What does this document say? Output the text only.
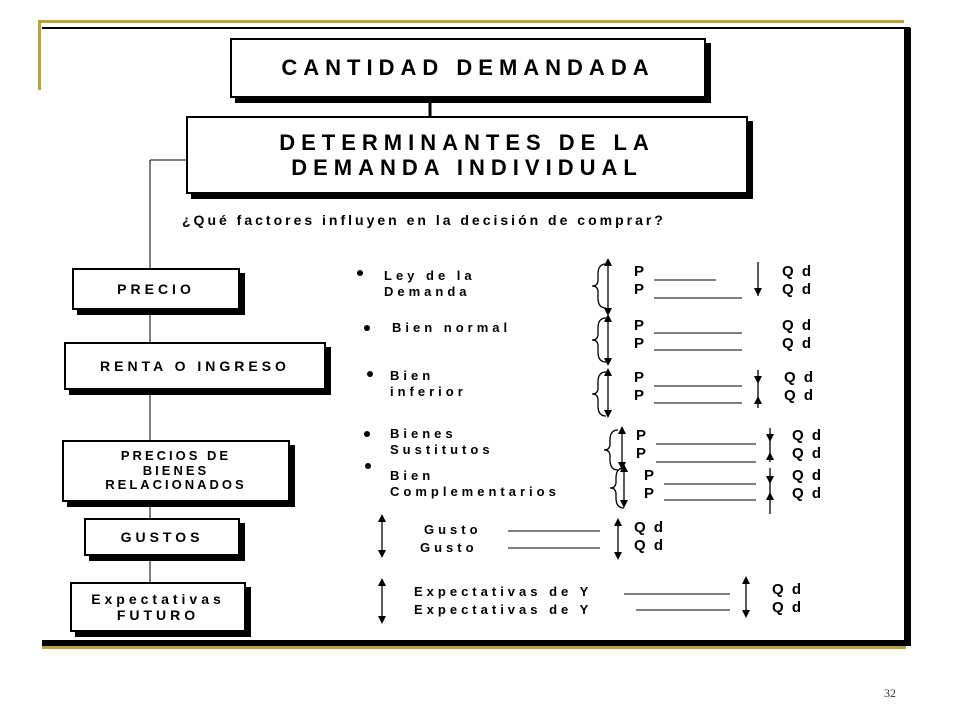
CANTIDAD DEMANDADA
DETERMINANTES DE LA
DEMANDA INDIVIDUAL
¿Qué factores influyen en la decisión de comprar?
PRECIO
RENTA O INGRESO
PRECIOS DE
BIENES
RELACIONADOS
GUSTOS
Expectativas
FUTURO
Ley de la
Demanda
Bien normal
Bien
inferior
Bienes
Sustitutos
Bien
Complementarios
P
P
P
P
P
P
P
P
P
P
Q d
Q d
Q d
Q d
Q d
Q d
Q d
Q d
Q d
Q d
Q d
Q d
Q d
Q d
Gusto
Gusto
Expectativas de Y
Expectativas de Y
32
